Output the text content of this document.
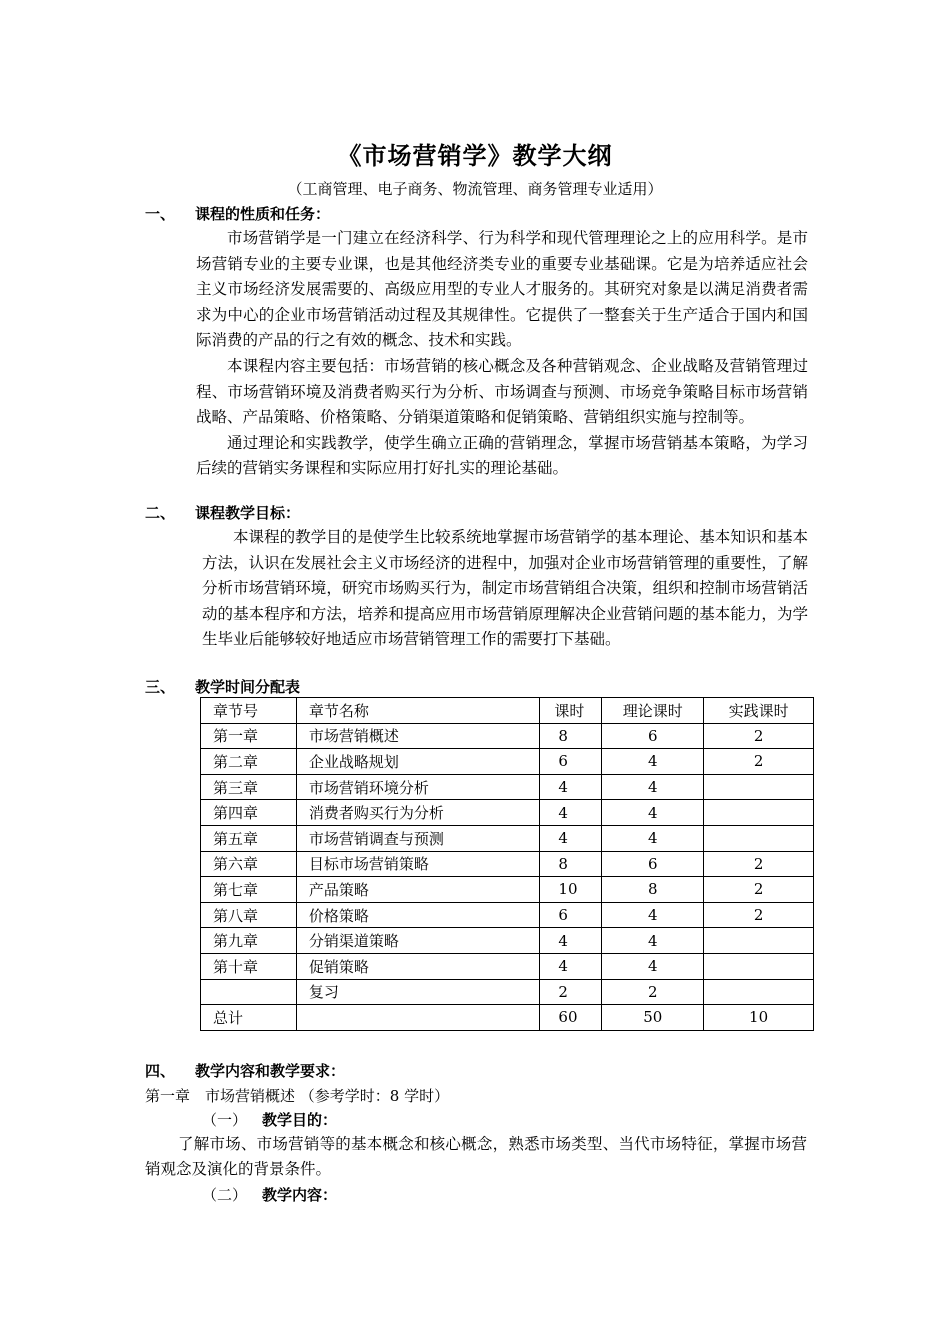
《市场营销学》教学大纲
（工商管理、电子商务、物流管理、商务管理专业适用）
一、 课程的性质和任务：

市场营销学是一门建立在经济科学、行为科学和现代管理理论之上的应用科学。是市场营销专业的主要专业课，也是其他经济类专业的重要专业基础课。它是为培养适应社会主义市场经济发展需要的、高级应用型的专业人才服务的。其研究对象是以满足消费者需求为中心的企业市场营销活动过程及其规律性。它提供了一整套关于生产适合于国内和国际消费的产品的行之有效的概念、技术和实践。

本课程内容主要包括：市场营销的核心概念及各种营销观念、企业战略及营销管理过程、市场营销环境及消费者购买行为分析、市场调查与预测、市场竞争策略目标市场营销战略、产品策略、价格策略、分销渠道策略和促销策略、营销组织实施与控制等。

通过理论和实践教学，使学生确立正确的营销理念，掌握市场营销基本策略，为学习后续的营销实务课程和实际应用打好扎实的理论基础。

二、 课程教学目标：

本课程的教学目的是使学生比较系统地掌握市场营销学的基本理论、基本知识和基本方法，认识在发展社会主义市场经济的进程中，加强对企业市场营销管理的重要性，了解分析市场营销环境，研究市场购买行为，制定市场营销组合决策，组织和控制市场营销活动的基本程序和方法，培养和提高应用市场营销原理解决企业营销问题的基本能力，为学生毕业后能够较好地适应市场营销管理工作的需要打下基础。

三、 教学时间分配表
章节号	章节名称	课时	理论课时	实践课时
第一章	市场营销概述	8	6	2
第二章	企业战略规划	6	4	2
第三章	市场营销环境分析	4	4	
第四章	消费者购买行为分析	4	4	
第五章	市场营销调查与预测	4	4	
第六章	目标市场营销策略	8	6	2
第七章	产品策略	10	8	2
第八章	价格策略	6	4	2
第九章	分销渠道策略	4	4	
第十章	促销策略	4	4	
	复习	2	2	
总计		60	50	10
四、 教学内容和教学要求：
第一章　市场营销概述 （参考学时：8 学时）
（一） 教学目的：
了解市场、市场营销等的基本概念和核心概念，熟悉市场类型、当代市场特征，掌握市场营销观念及演化的背景条件。
（二） 教学内容：
